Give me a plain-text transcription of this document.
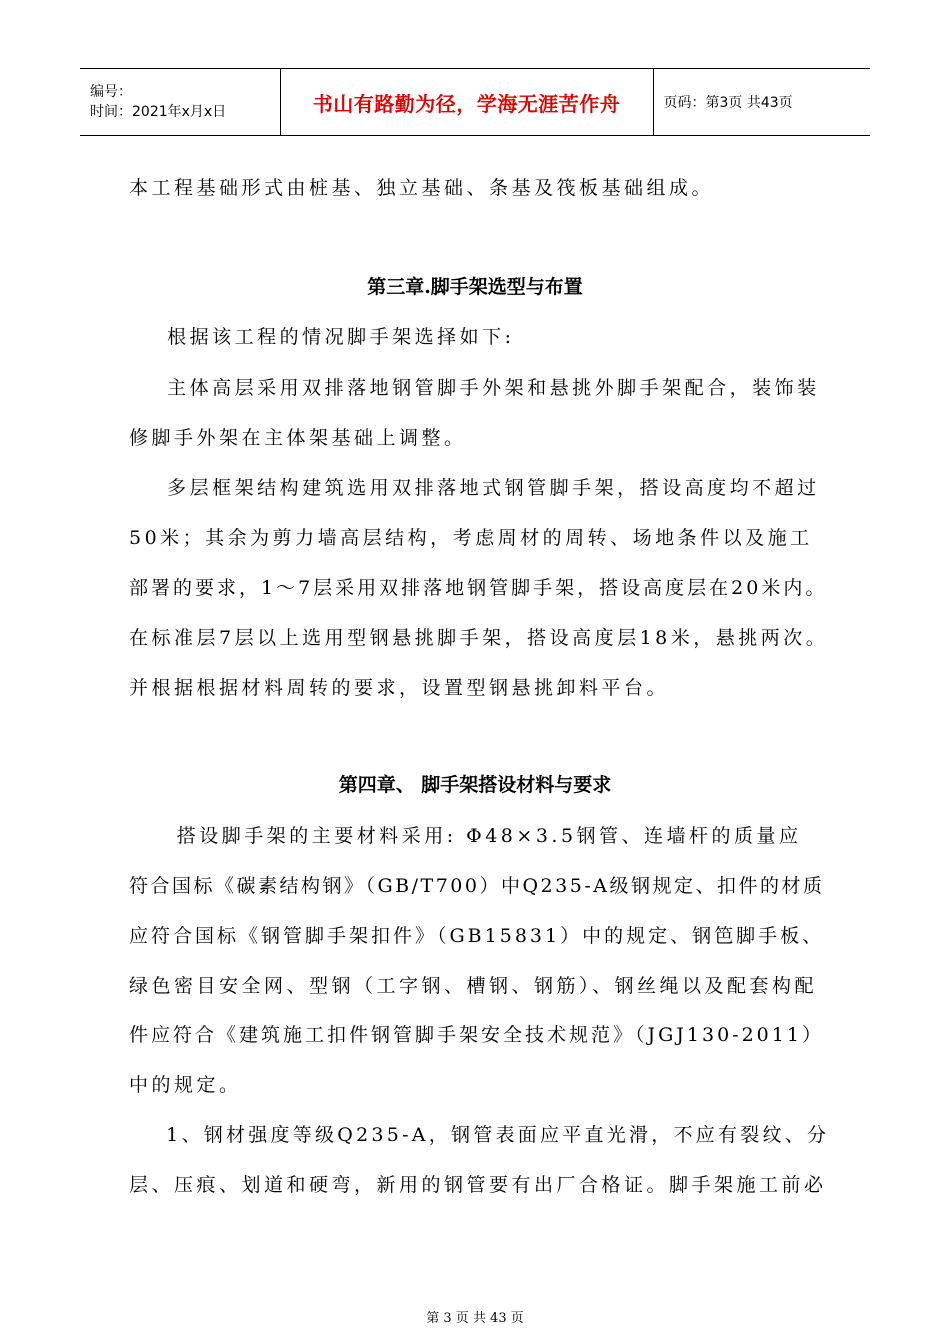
编号：
时间：2021年x月x日	书山有路勤为径，学海无涯苦作舟	页码：第3页 共43页

本工程基础形式由桩基、独立基础、条基及筏板基础组成。

第三章.脚手架选型与布置

根据该工程的情况脚手架选择如下:

主体高层采用双排落地钢管脚手外架和悬挑外脚手架配合，装饰装

修脚手外架在主体架基础上调整。

多层框架结构建筑选用双排落地式钢管脚手架，搭设高度均不超过

50米；其余为剪力墙高层结构，考虑周材的周转、场地条件以及施工

部署的要求，1～7层采用双排落地钢管脚手架，搭设高度层在20米内。

在标准层7层以上选用型钢悬挑脚手架，搭设高度层18米，悬挑两次。

并根据根据材料周转的要求，设置型钢悬挑卸料平台。

第四章、 脚手架搭设材料与要求

搭设脚手架的主要材料采用: Φ48×3.5钢管、连墙杆的质量应

符合国标《碳素结构钢》（GB/T700）中Q235-A级钢规定、扣件的材质

应符合国标《钢管脚手架扣件》（GB15831）中的规定、钢笆脚手板、

绿色密目安全网、型钢（工字钢、槽钢、钢筋）、钢丝绳以及配套构配

件应符合《建筑施工扣件钢管脚手架安全技术规范》（JGJ130-2011）

中的规定。

1、钢材强度等级Q235-A，钢管表面应平直光滑，不应有裂纹、分

层、压痕、划道和硬弯，新用的钢管要有出厂合格证。脚手架施工前必

第 3 页 共 43 页
